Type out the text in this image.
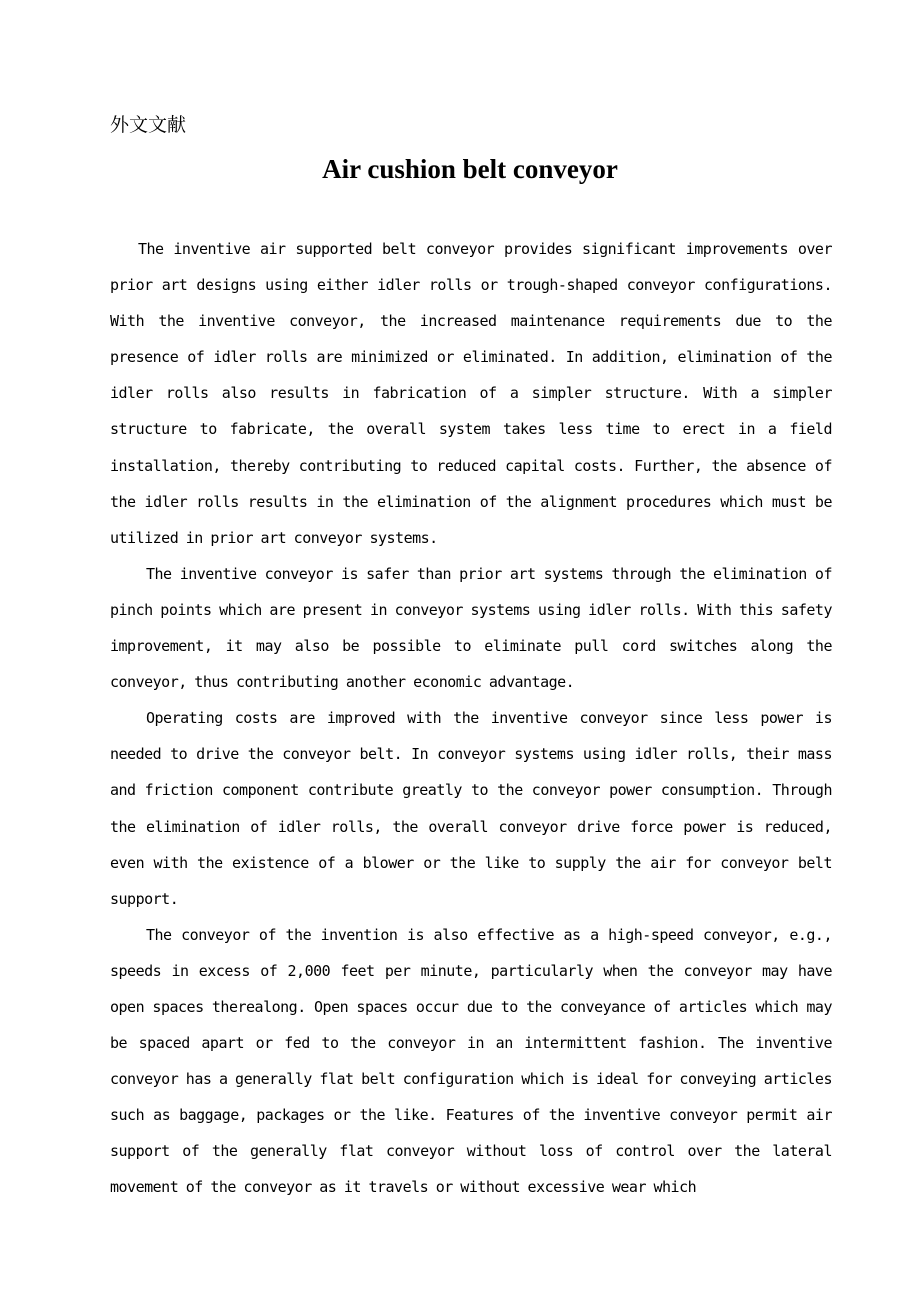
外文文献
Air cushion belt conveyor

The inventive air supported belt conveyor provides significant improvements over prior art designs using either idler rolls or trough-shaped conveyor configurations. With the inventive conveyor, the increased maintenance requirements due to the presence of idler rolls are minimized or eliminated. In addition, elimination of the idler rolls also results in fabrication of a simpler structure. With a simpler structure to fabricate, the overall system takes less time to erect in a field installation, thereby contributing to reduced capital costs. Further, the absence of the idler rolls results in the elimination of the alignment procedures which must be utilized in prior art conveyor systems.

The inventive conveyor is safer than prior art systems through the elimination of pinch points which are present in conveyor systems using idler rolls. With this safety improvement, it may also be possible to eliminate pull cord switches along the conveyor, thus contributing another economic advantage.

Operating costs are improved with the inventive conveyor since less power is needed to drive the conveyor belt. In conveyor systems using idler rolls, their mass and friction component contribute greatly to the conveyor power consumption. Through the elimination of idler rolls, the overall conveyor drive force power is reduced, even with the existence of a blower or the like to supply the air for conveyor belt support.

The conveyor of the invention is also effective as a high-speed conveyor, e.g., speeds in excess of 2,000 feet per minute, particularly when the conveyor may have open spaces therealong. Open spaces occur due to the conveyance of articles which may be spaced apart or fed to the conveyor in an intermittent fashion. The inventive conveyor has a generally flat belt configuration which is ideal for conveying articles such as baggage, packages or the like. Features of the inventive conveyor permit air support of the generally flat conveyor without loss of control over the lateral movement of the conveyor as it travels or without excessive wear which
